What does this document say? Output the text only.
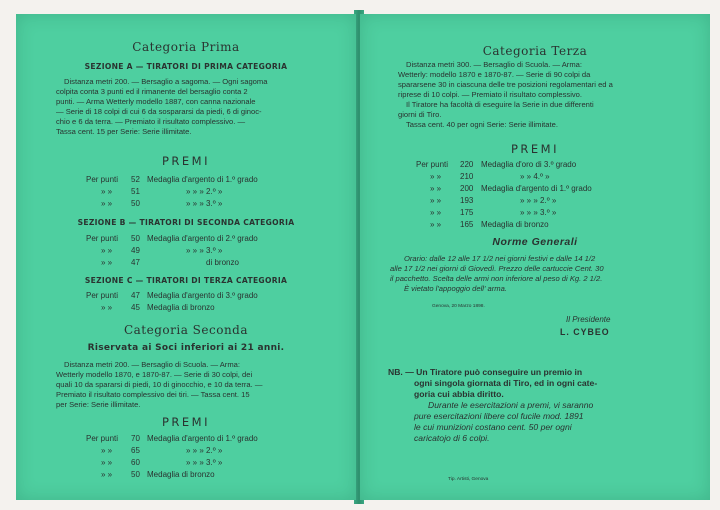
Categoria Prima
SEZIONE A — TIRATORI DI PRIMA CATEGORIA
Distanza metri 200. — Bersaglio a sagoma. — Ogni sagoma
colpita conta 3 punti ed il rimanente del bersaglio conta 2
punti. — Arma Wetterly modello 1887, con canna nazionale
— Serie di 18 colpi di cui 6 da sospararsi da piedi, 6 di ginoc-
chio e 6 da terra. — Premiato il risultato complessivo. —
Tassa cent. 15 per Serie: Serie illimitate.
PREMI
Per punti 52 Medaglia d'argento di 1.º grado
» » 51	» » » 2.º »
» » 50	» » » 3.º »
SEZIONE B — TIRATORI DI SECONDA CATEGORIA
Per punti 50 Medaglia d'argento di 2.º grado
» » 49	» » » 3.º »
» » 47	di bronzo
SEZIONE C — TIRATORI DI TERZA CATEGORIA
Per punti 47 Medaglia d'argento di 3.º grado
» » 45 Medaglia di bronzo
Categoria Seconda
Riservata ai Soci inferiori ai 21 anni.
Distanza metri 200. — Bersaglio di Scuola. — Arma:
Wetterly modello 1870, e 1870-87. — Serie di 30 colpi, dei
quali 10 da spararsi di piedi, 10 di ginocchio, e 10 da terra. —
Premiato il risultato complessivo dei tiri. — Tassa cent. 15
per Serie: Serie illimitate.
PREMI
Per punti 70 Medaglia d'argento di 1.º grado
» » 65	» » » 2.º »
» » 60	» » » 3.º »
» » 50 Medaglia di bronzo
Categoria Terza
Distanza metri 300. — Bersaglio di Scuola. — Arma:
Wetterly: modello 1870 e 1870-87. — Serie di 90 colpi da
spararsene 30 in ciascuna delle tre posizioni regolamentari ed a
riprese di 10 colpi. — Premiato il risultato complessivo.
Il Tiratore ha facoltà di eseguire la Serie in due differenti
giorni di Tiro.
Tassa cent. 40 per ogni Serie: Serie illimitate.
PREMI
Per punti 220 Medaglia d'oro di 3.º grado
» » 210	» » 4.º »
» » 200 Medaglia d'argento di 1.º grado
» » 193	» » » 2.º »
» » 175	» » » 3.º »
» » 165 Medaglia di bronzo
Norme Generali
Orario: dalle 12 alle 17 1/2 nei giorni festivi e dalle 14 1/2
alle 17 1/2 nei giorni di Giovedì. Prezzo delle cartuccie Cent. 30
il pacchetto. Scelta delle armi non inferiore al peso di Kg. 2 1/2.
È vietato l'appoggio dell' arma.
Genova, 20 Marzo 1898.
Il Presidente
L. CYBEO
NB. — Un Tiratore può conseguire un premio in
ogni singola giornata di Tiro, ed in ogni cate-
goria cui abbia diritto.
Durante le esercitazioni a premi, vi saranno
pure esercitazioni libere col fucile mod. 1891
le cui munizioni costano cent. 50 per ogni
caricatojo di 6 colpi.
Tip. Artisti, Genova
